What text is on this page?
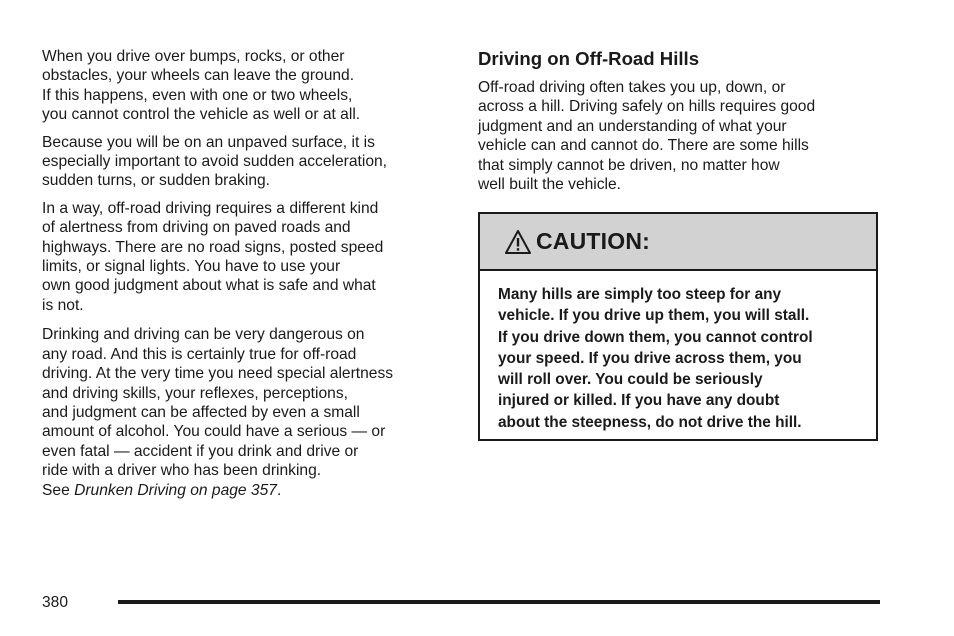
When you drive over bumps, rocks, or other
obstacles, your wheels can leave the ground.
If this happens, even with one or two wheels,
you cannot control the vehicle as well or at all.

Because you will be on an unpaved surface, it is
especially important to avoid sudden acceleration,
sudden turns, or sudden braking.

In a way, off-road driving requires a different kind
of alertness from driving on paved roads and
highways. There are no road signs, posted speed
limits, or signal lights. You have to use your
own good judgment about what is safe and what
is not.

Drinking and driving can be very dangerous on
any road. And this is certainly true for off-road
driving. At the very time you need special alertness
and driving skills, your reflexes, perceptions,
and judgment can be affected by even a small
amount of alcohol. You could have a serious — or
even fatal — accident if you drink and drive or
ride with a driver who has been drinking.
See Drunken Driving on page 357.

Driving on Off-Road Hills

Off-road driving often takes you up, down, or
across a hill. Driving safely on hills requires good
judgment and an understanding of what your
vehicle can and cannot do. There are some hills
that simply cannot be driven, no matter how
well built the vehicle.

CAUTION:
Many hills are simply too steep for any
vehicle. If you drive up them, you will stall.
If you drive down them, you cannot control
your speed. If you drive across them, you
will roll over. You could be seriously
injured or killed. If you have any doubt
about the steepness, do not drive the hill.
380
